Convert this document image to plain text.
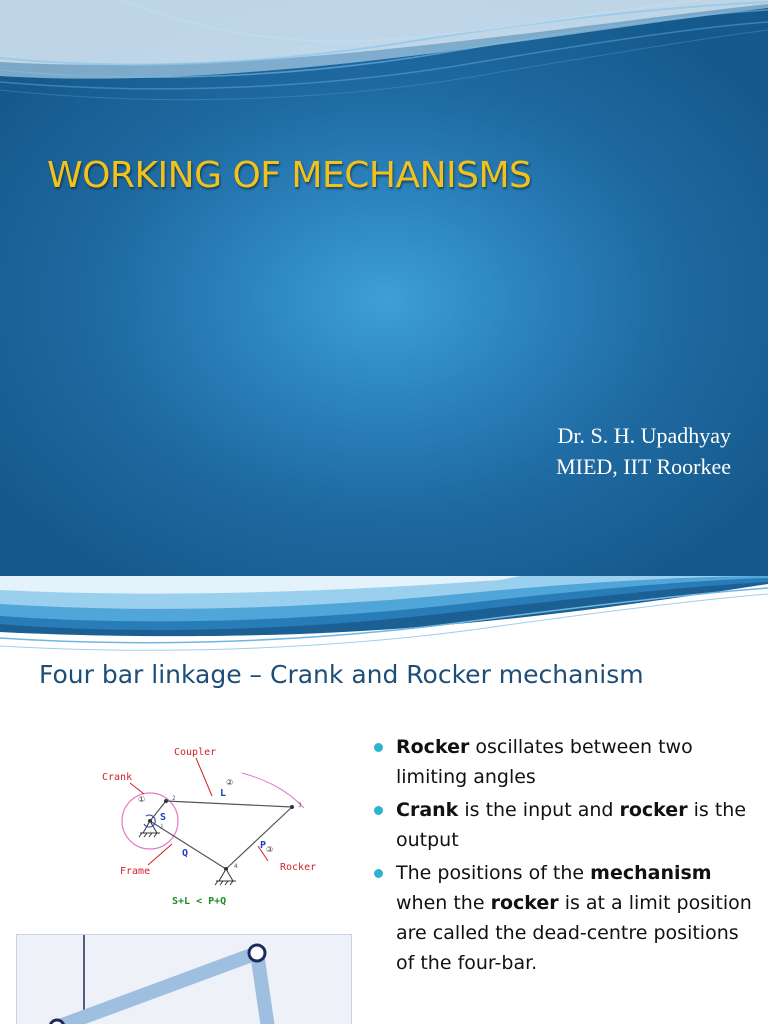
WORKING OF MECHANISMS
Dr. S. H. Upadhyay
MIED, IIT Roorkee
Four bar linkage – Crank and Rocker mechanism
Coupler
Crank
Frame	Rocker
S
L
P
Q
①
②
③
1
2
3
4
S+L < P+Q
Rocker oscillates between two limiting angles
Crank is the input and rocker is the output
The positions of the mechanism when the rocker is at a limit position are called the dead-centre positions of the four-bar.
